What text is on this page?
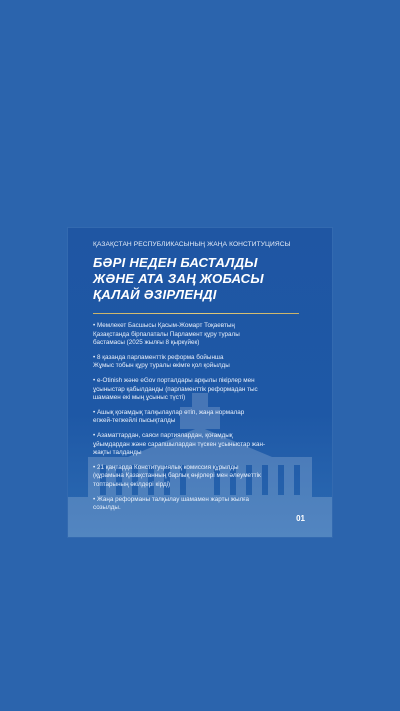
ҚАЗАҚСТАН РЕСПУБЛИКАСЫНЫҢ ЖАҢА КОНСТИТУЦИЯСЫ
БӘРІ НЕДЕН БАСТАЛДЫ
ЖӘНЕ АТА ЗАҢ ЖОБАСЫ
ҚАЛАЙ ӘЗІРЛЕНДІ
• Мемлекет Басшысы Қасым-Жомарт Тоқаевтың
Қазақстанда бірпалаталы Парламент құру туралы
бастамасы (2025 жылғы 8 қыркүйек)
• 8 қазанда парламенттік реформа бойынша
Жұмыс тобын құру туралы өкімге қол қойылды
• e-Otinish және eGov порталдары арқылы пікірлер мен
ұсыныстар қабылданды (парламенттік реформадан тыс
шамамен екі мың ұсыныс түсті)
• Ашық қоғамдық талқылаулар өтіп, жаңа нормалар
егжей-тегжейлі пысықталды
• Азаматтардан, саяси партиялардан, қоғамдық
ұйымдардан және сарапшылардан түскен ұсыныстар жан-
жақты талданды
• 21 қаңтарда Конституциялық комиссия құрылды
(құрамына Қазақстанның барлық өңірлері мен әлеуметтік
топтарының өкілдері кірді)
• Жаңа реформаны талқылау шамамен жарты жылға
созылды.
01
